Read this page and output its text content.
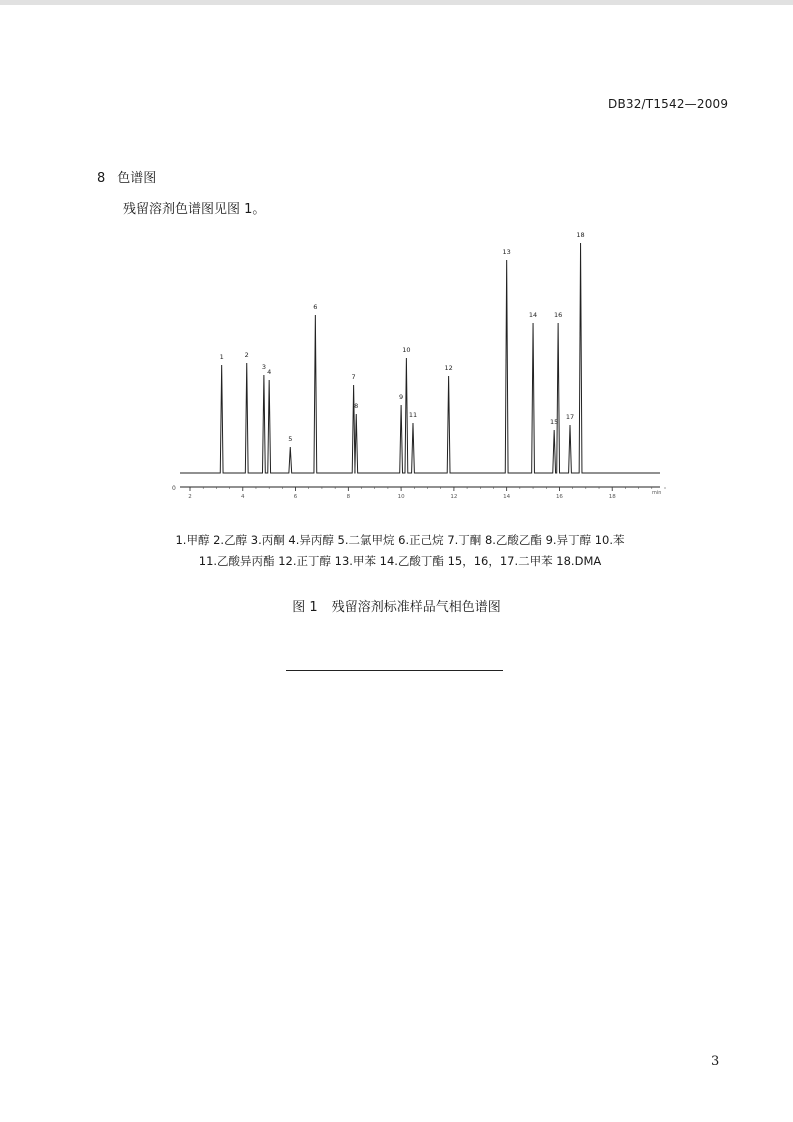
DB32/T1542—2009
8 色谱图
残留溶剂色谱图见图 1。
0
2	4	6	8	10	12	14	16	18
min
1	2
3
4
5
6
7
8
9
10
11
12
13
14
15
16
17
18
1.甲醇 2.乙醇 3.丙酮 4.异丙醇 5.二氯甲烷 6.正己烷 7.丁酮 8.乙酸乙酯 9.异丁醇 10.苯
11.乙酸异丙酯 12.正丁醇 13.甲苯 14.乙酸丁酯 15，16，17.二甲苯 18.DMA
图 1 残留溶剂标准样品气相色谱图
3
